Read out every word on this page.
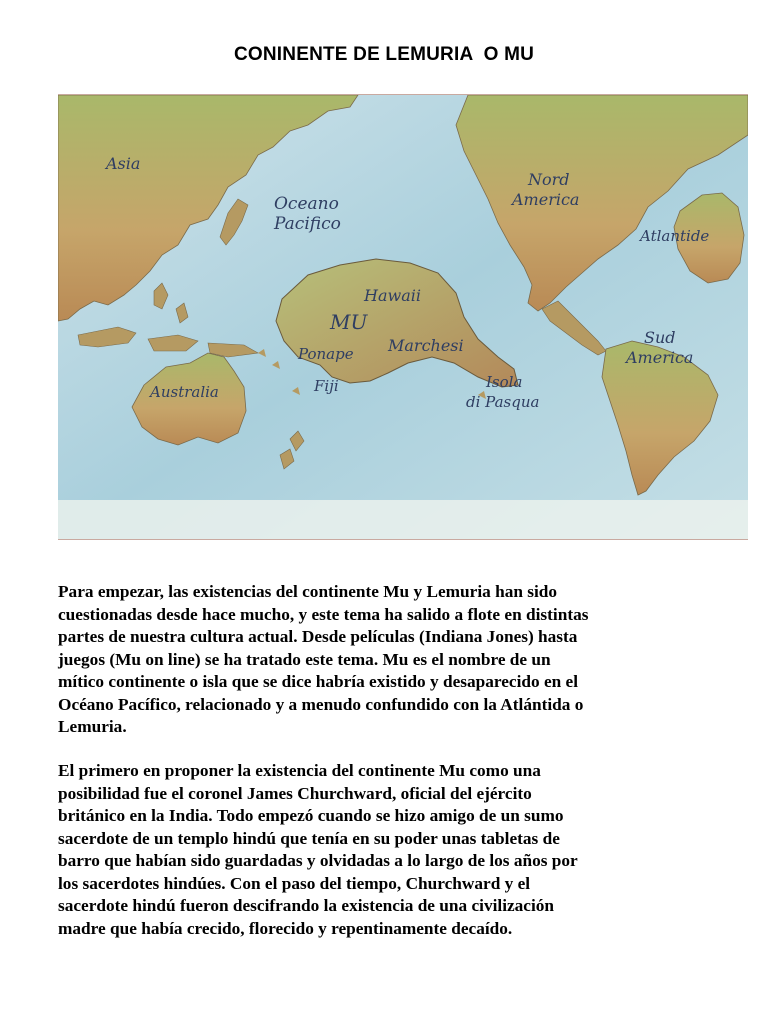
CONINENTE DE LEMURIA  O MU
Asia
Oceano
Pacifico
Nord
America
Atlantide
Hawaii
MU
Marchesi
Ponape
Sud
America
Australia	Fiji	Isola
di Pasqua
Para empezar, las existencias del continente Mu y Lemuria han sido
cuestionadas desde hace mucho, y este tema ha salido a flote en distintas
partes de nuestra cultura actual. Desde películas (Indiana Jones) hasta
juegos (Mu on line) se ha tratado este tema. Mu es el nombre de un
mítico continente o isla que se dice habría existido y desaparecido en el
Océano Pacífico, relacionado y a menudo confundido con la Atlántida o
Lemuria.
El primero en proponer la existencia del continente Mu como una
posibilidad fue el coronel James Churchward, oficial del ejército
británico en la India. Todo empezó cuando se hizo amigo de un sumo
sacerdote de un templo hindú que tenía en su poder unas tabletas de
barro que habían sido guardadas y olvidadas a lo largo de los años por
los sacerdotes hindúes. Con el paso del tiempo, Churchward y el
sacerdote hindú fueron descifrando la existencia de una civilización
madre que había crecido, florecido y repentinamente decaído.
